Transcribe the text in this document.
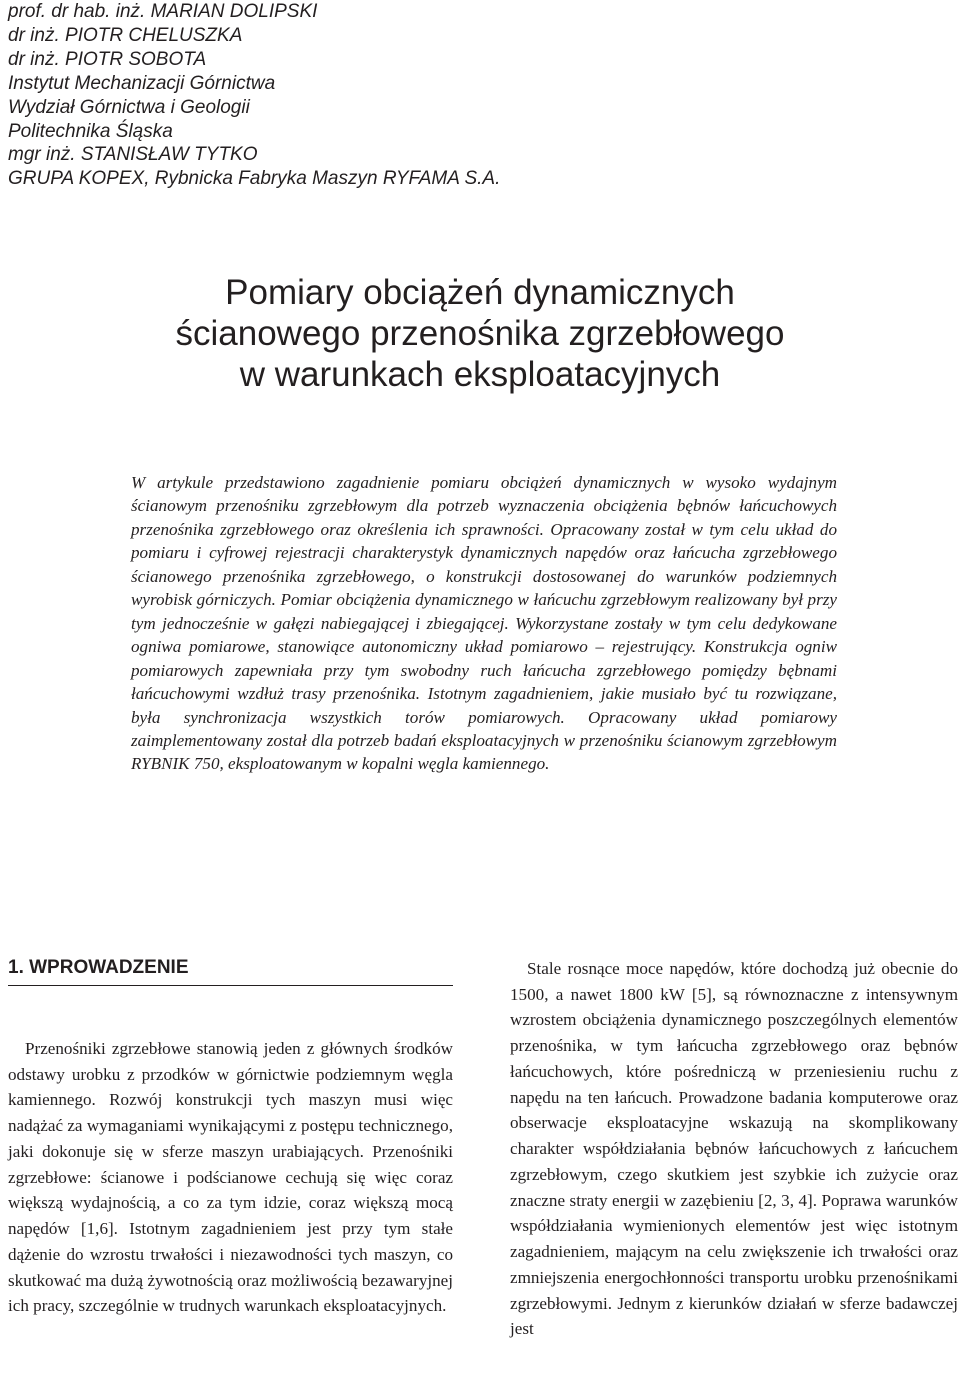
prof. dr hab. inż. MARIAN DOLIPSKI
dr inż. PIOTR CHELUSZKA
dr inż. PIOTR SOBOTA
Instytut Mechanizacji Górnictwa
Wydział Górnictwa i Geologii
Politechnika Śląska
mgr inż. STANISŁAW TYTKO
GRUPA KOPEX, Rybnicka Fabryka Maszyn RYFAMA S.A.
Pomiary obciążeń dynamicznych
ścianowego przenośnika zgrzebłowego
w warunkach eksploatacyjnych

W artykule przedstawiono zagadnienie pomiaru obciążeń dynamicznych w wysoko wydajnym ścianowym przenośniku zgrzebłowym dla potrzeb wyznaczenia obciążenia bębnów łańcuchowych przenośnika zgrzebłowego oraz określenia ich sprawności. Opracowany został w tym celu układ do pomiaru i cyfrowej rejestracji charakterystyk dynamicznych napędów oraz łańcucha zgrzebłowego ścianowego przenośnika zgrzebłowego, o konstrukcji dostosowanej do warunków podziemnych wyrobisk górniczych. Pomiar obciążenia dynamicznego w łańcuchu zgrzebłowym realizowany był przy tym jednocześnie w gałęzi nabiegającej i zbiegającej. Wykorzystane zostały w tym celu dedykowane ogniwa pomiarowe, stanowiące autonomiczny układ pomiarowo – rejestrujący. Konstrukcja ogniw pomiarowych zapewniała przy tym swobodny ruch łańcucha zgrzebłowego pomiędzy bębnami łańcuchowymi wzdłuż trasy przenośnika. Istotnym zagadnieniem, jakie musiało być tu rozwiązane, była synchronizacja wszystkich torów pomiarowych. Opracowany układ pomiarowy zaimplementowany został dla potrzeb badań eksploatacyjnych w przenośniku ścianowym zgrzebłowym RYBNIK 750, eksploatowanym w kopalni węgla kamiennego.

1. WPROWADZENIE

Przenośniki zgrzebłowe stanowią jeden z głównych środków odstawy urobku z przodków w górnictwie podziemnym węgla kamiennego. Rozwój konstrukcji tych maszyn musi więc nadążać za wymaganiami wynikającymi z postępu technicznego, jaki dokonuje się w sferze maszyn urabiających. Przenośniki zgrzebłowe: ścianowe i podścianowe cechują się więc coraz większą wydajnością, a co za tym idzie, coraz większą mocą napędów [1,6]. Istotnym zagadnieniem jest przy tym stałe dążenie do wzrostu trwałości i niezawodności tych maszyn, co skutkować ma dużą żywotnością oraz możliwością bezawaryjnej ich pracy, szczególnie w trudnych warunkach eksploatacyjnych.

Stale rosnące moce napędów, które dochodzą już obecnie do 1500, a nawet 1800 kW [5], są równoznaczne z intensywnym wzrostem obciążenia dynamicznego poszczególnych elementów przenośnika, w tym łańcucha zgrzebłowego oraz bębnów łańcuchowych, które pośredniczą w przeniesieniu ruchu z napędu na ten łańcuch. Prowadzone badania komputerowe oraz obserwacje eksploatacyjne wskazują na skomplikowany charakter współdziałania bębnów łańcuchowych z łańcuchem zgrzebłowym, czego skutkiem jest szybkie ich zużycie oraz znaczne straty energii w zazębieniu [2, 3, 4]. Poprawa warunków współdziałania wymienionych elementów jest więc istotnym zagadnieniem, mającym na celu zwiększenie ich trwałości oraz zmniejszenia energochłonności transportu urobku przenośnikami zgrzebłowymi. Jednym z kierunków działań w sferze badawczej jest
